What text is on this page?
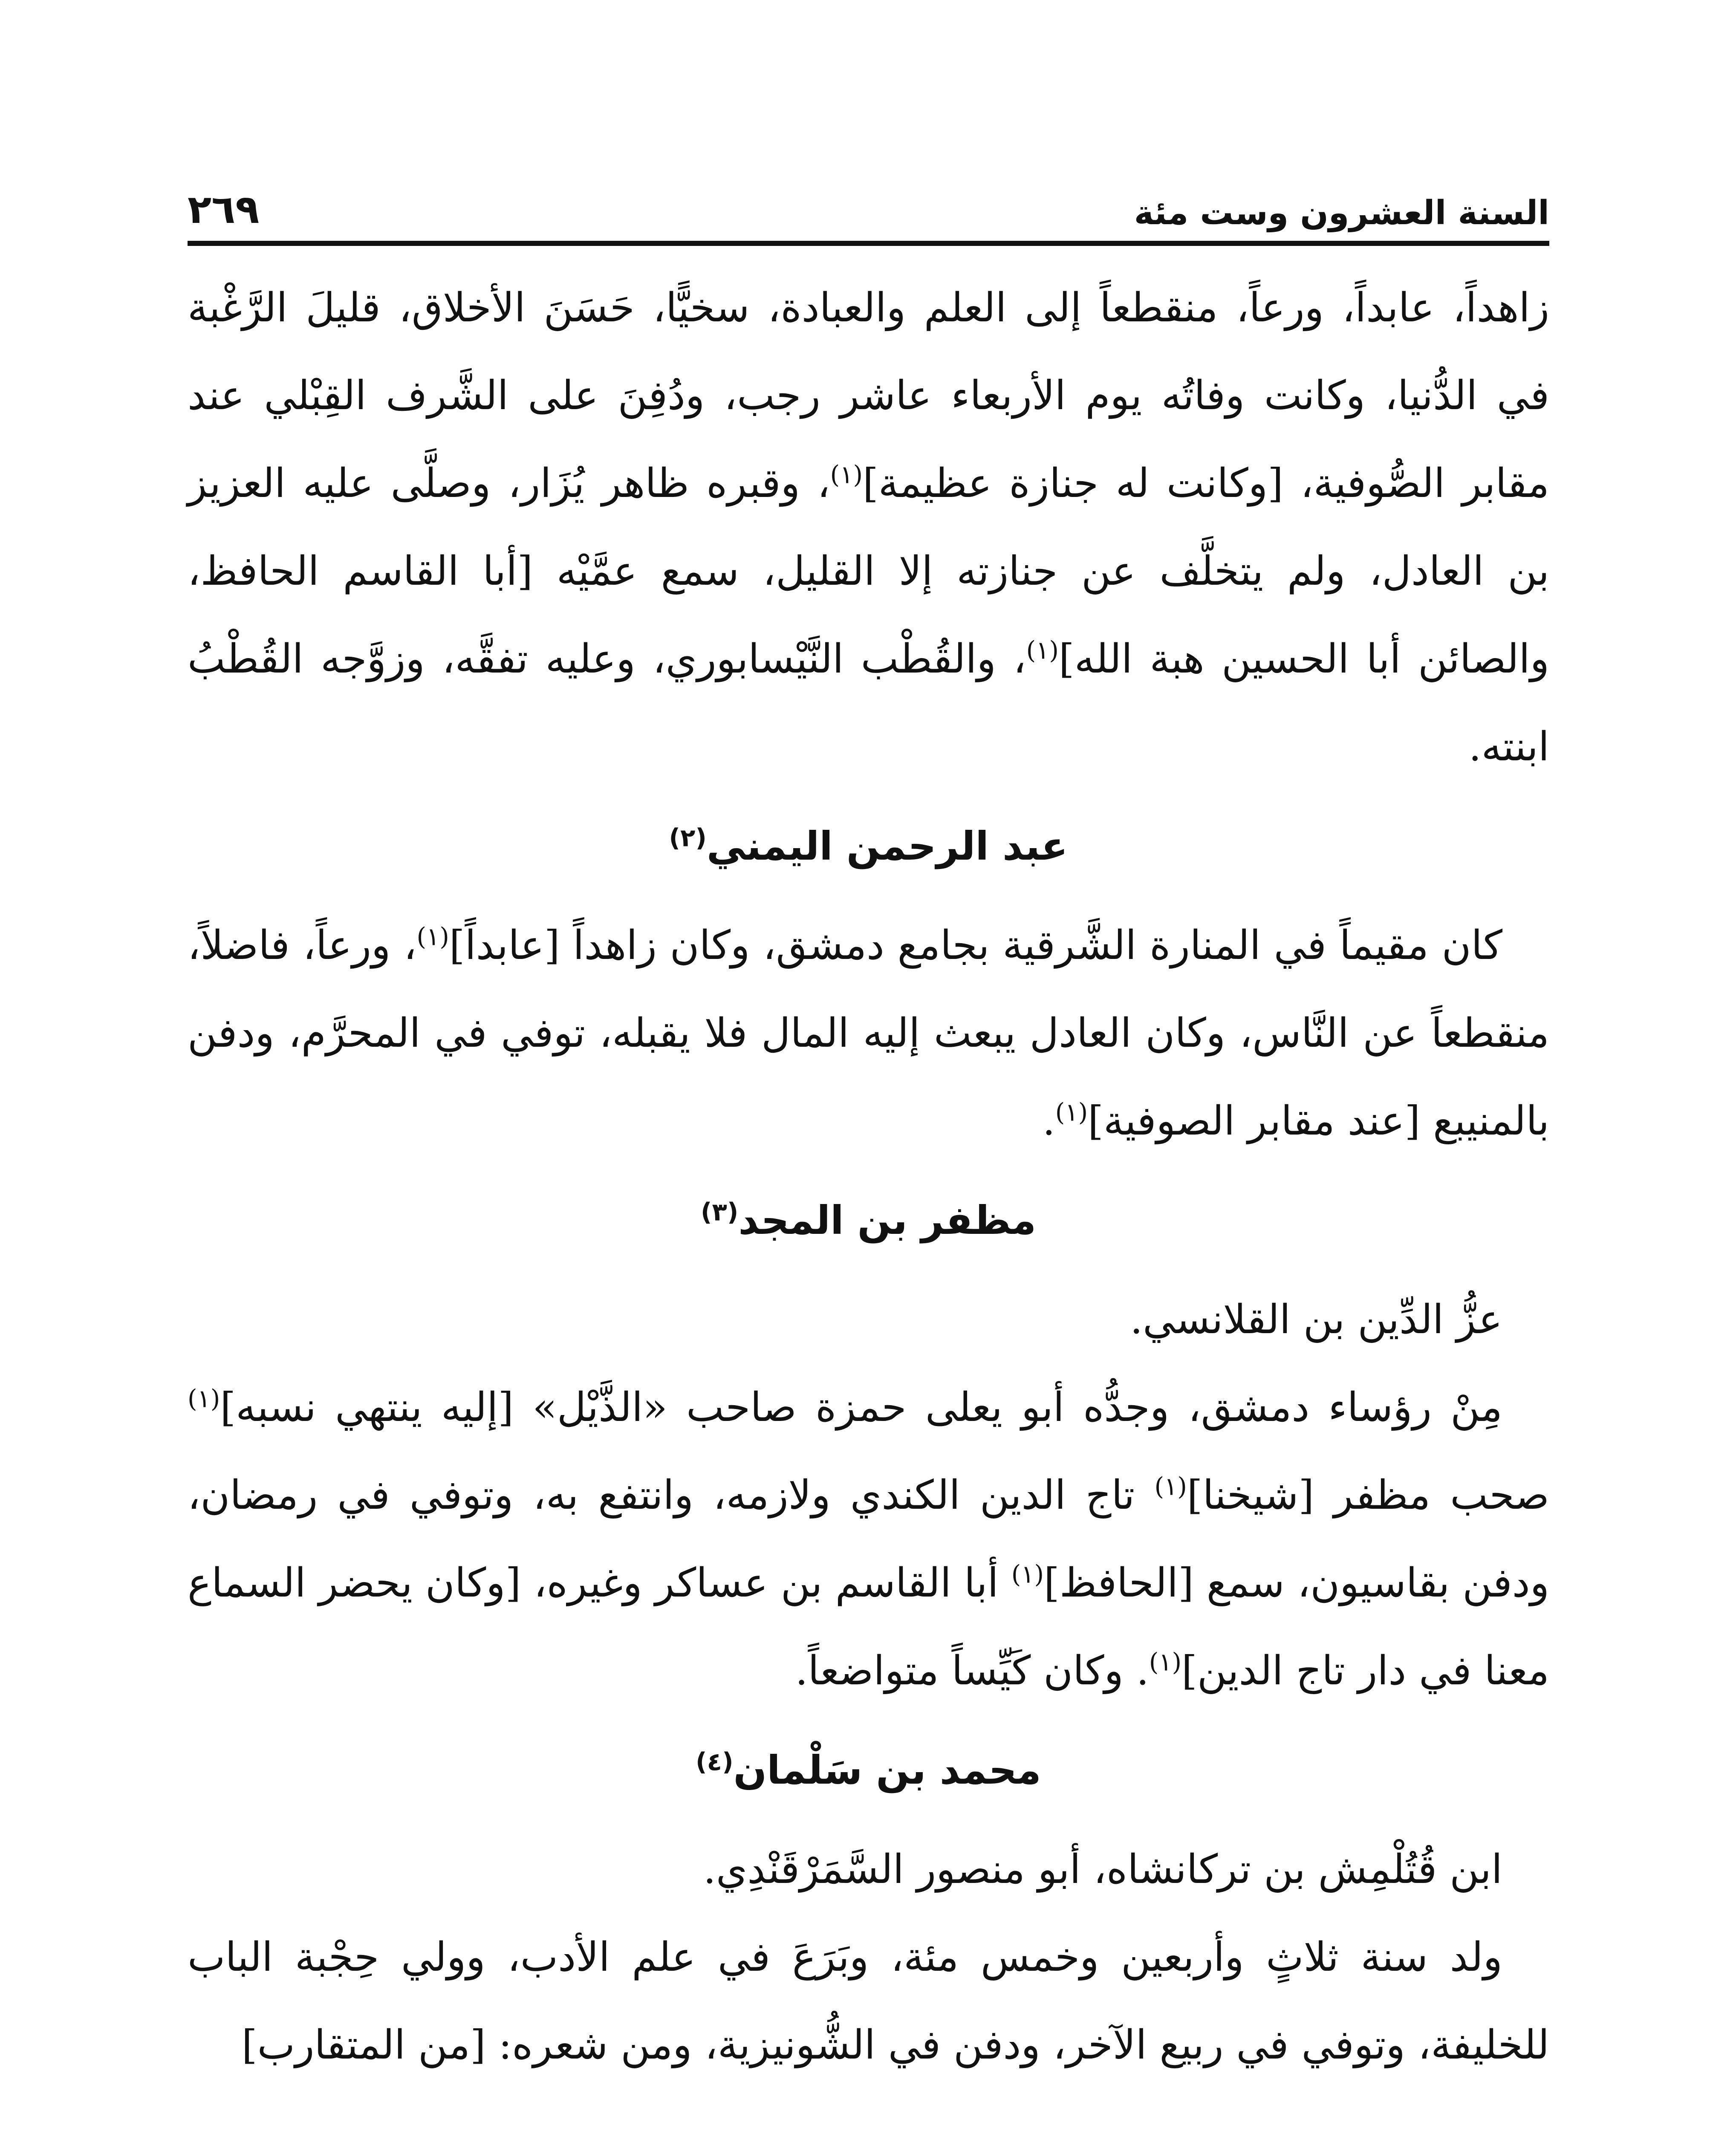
السنة العشرون وست مئة
٢٦٩

زاهداً، عابداً، ورعاً، منقطعاً إلى العلم والعبادة، سخيًّا، حَسَنَ الأخلاق، قليلَ الرَّغْبة في الدُّنيا، وكانت وفاتُه يوم الأربعاء عاشر رجب، ودُفِنَ على الشَّرف القِبْلي عند مقابر الصُّوفية، [وكانت له جنازة عظيمة]$^{(١)}$، وقبره ظاهر يُزَار، وصلَّى عليه العزيز بن العادل، ولم يتخلَّف عن جنازته إلا القليل، سمع عمَّيْه [أبا القاسم الحافظ، والصائن أبا الحسين هبة الله]$^{(١)}$، والقُطْب النَّيْسابوري، وعليه تفقَّه، وزوَّجه القُطْبُ ابنته.

عبد الرحمن اليمني$^{(٢)}$

كان مقيماً في المنارة الشَّرقية بجامع دمشق، وكان زاهداً [عابداً]$^{(١)}$، ورعاً، فاضلاً، منقطعاً عن النَّاس، وكان العادل يبعث إليه المال فلا يقبله، توفي في المحرَّم، ودفن بالمنيبع [عند مقابر الصوفية]$^{(١)}$.

مظفر بن المجد$^{(٣)}$

عزُّ الدِّين بن القلانسي.

مِنْ رؤساء دمشق، وجدُّه أبو يعلى حمزة صاحب «الذَّيْل» [إليه ينتهي نسبه]$^{(١)}$ صحب مظفر [شيخنا]$^{(١)}$ تاج الدين الكندي ولازمه، وانتفع به، وتوفي في رمضان، ودفن بقاسيون، سمع [الحافظ]$^{(١)}$ أبا القاسم بن عساكر وغيره، [وكان يحضر السماع معنا في دار تاج الدين]$^{(١)}$. وكان كَيِّساً متواضعاً.

محمد بن سَلْمان$^{(٤)}$

ابن قُتُلْمِش بن تركانشاه، أبو منصور السَّمَرْقَنْدِي.

ولد سنة ثلاثٍ وأربعين وخمس مئة، وبَرَعَ في علم الأدب، وولي حِجْبة الباب للخليفة، وتوفي في ربيع الآخر، ودفن في الشُّونيزية، ومن شعره: [من المتقارب]
